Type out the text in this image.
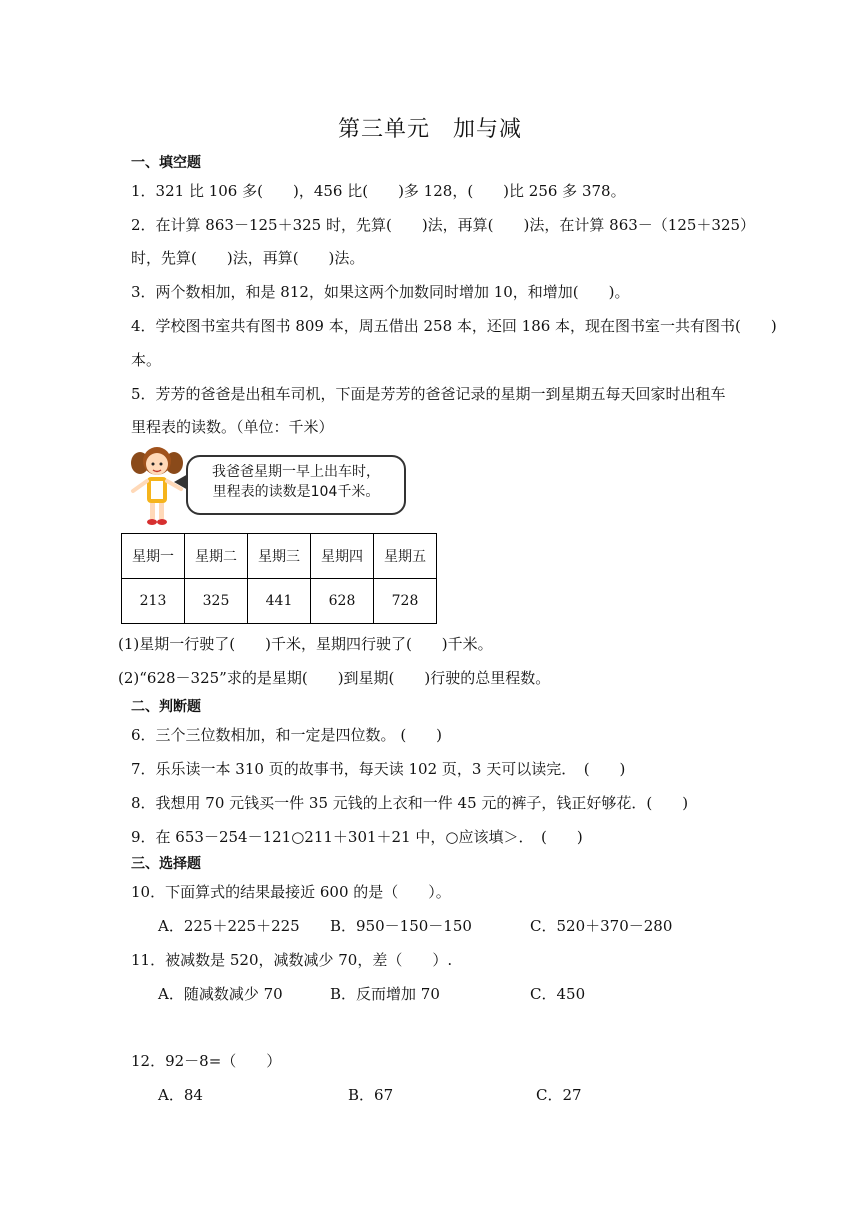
第三单元　加与减
一、填空题
1．321 比 106 多(　　)，456 比(　　)多 128，(　　)比 256 多 378。
2．在计算 863－125＋325 时，先算(　　)法，再算(　　)法，在计算 863－（125＋325）
时，先算(　　)法，再算(　　)法。
3．两个数相加，和是 812，如果这两个加数同时增加 10，和增加(　　)。
4．学校图书室共有图书 809 本，周五借出 258 本，还回 186 本，现在图书室一共有图书(　　)
本。
5．芳芳的爸爸是出租车司机，下面是芳芳的爸爸记录的星期一到星期五每天回家时出租车
里程表的读数。（单位：千米）
我爸爸星期一早上出车时，
里程表的读数是104千米。
星期一	星期二	星期三	星期四	星期五
213	325	441	628	728
(1)星期一行驶了(　　)千米，星期四行驶了(　　)千米。
(2)“628－325”求的是星期(　　)到星期(　　)行驶的总里程数。
二、判断题
6．三个三位数相加，和一定是四位数。 (　　)
7．乐乐读一本 310 页的故事书，每天读 102 页，3 天可以读完．　(　　)
8．我想用 70 元钱买一件 35 元钱的上衣和一件 45 元的裤子，钱正好够花．(　　)
9．在 653－254－121○211＋301＋21 中，○应该填＞．　(　　)
三、选择题
10．下面算式的结果最接近 600 的是（　　）。
A．225＋225＋225 B．950－150－150	C．520＋370－280
11．被减数是 520，减数减少 70，差（　　）.
A．随减数减少 70	B．反而增加 70	C．450
12．92－8=（　　）
A．84	B．67	C．27
